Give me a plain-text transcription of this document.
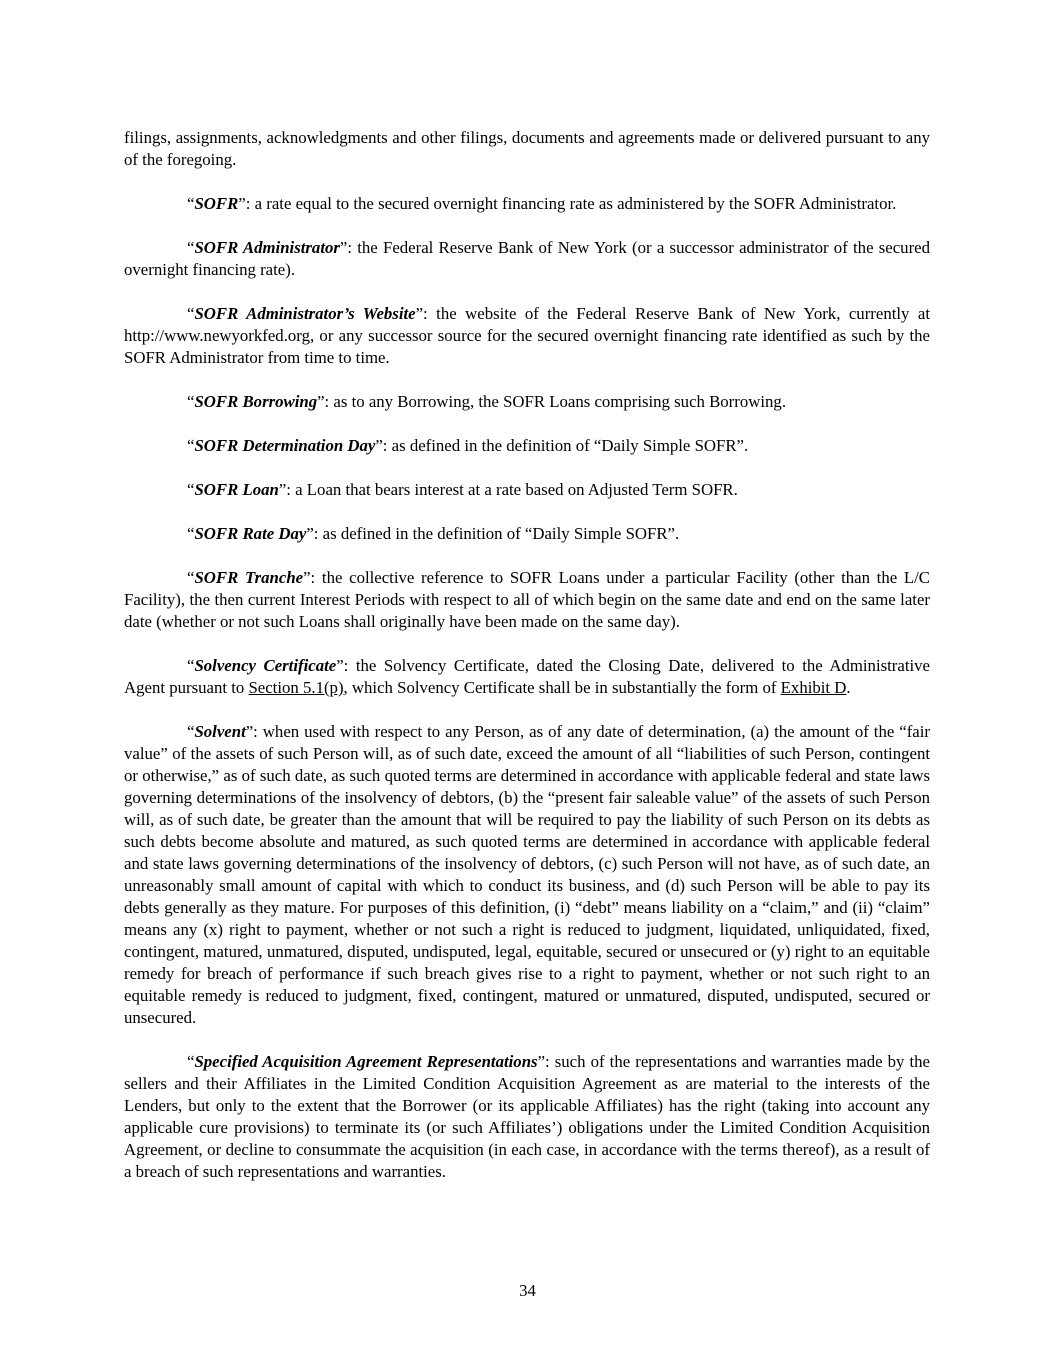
filings, assignments, acknowledgments and other filings, documents and agreements made or delivered pursuant to any of the foregoing.

“SOFR”: a rate equal to the secured overnight financing rate as administered by the SOFR Administrator.

“SOFR Administrator”: the Federal Reserve Bank of New York (or a successor administrator of the secured overnight financing rate).

“SOFR Administrator’s Website”: the website of the Federal Reserve Bank of New York, currently at http://www.newyorkfed.org, or any successor source for the secured overnight financing rate identified as such by the SOFR Administrator from time to time.

“SOFR Borrowing”: as to any Borrowing, the SOFR Loans comprising such Borrowing.

“SOFR Determination Day”: as defined in the definition of “Daily Simple SOFR”.

“SOFR Loan”: a Loan that bears interest at a rate based on Adjusted Term SOFR.

“SOFR Rate Day”: as defined in the definition of “Daily Simple SOFR”.

“SOFR Tranche”: the collective reference to SOFR Loans under a particular Facility (other than the L/C Facility), the then current Interest Periods with respect to all of which begin on the same date and end on the same later date (whether or not such Loans shall originally have been made on the same day).

“Solvency Certificate”: the Solvency Certificate, dated the Closing Date, delivered to the Administrative Agent pursuant to Section 5.1(p), which Solvency Certificate shall be in substantially the form of Exhibit D.

“Solvent”: when used with respect to any Person, as of any date of determination, (a) the amount of the “fair value” of the assets of such Person will, as of such date, exceed the amount of all “liabilities of such Person, contingent or otherwise,” as of such date, as such quoted terms are determined in accordance with applicable federal and state laws governing determinations of the insolvency of debtors, (b) the “present fair saleable value” of the assets of such Person will, as of such date, be greater than the amount that will be required to pay the liability of such Person on its debts as such debts become absolute and matured, as such quoted terms are determined in accordance with applicable federal and state laws governing determinations of the insolvency of debtors, (c) such Person will not have, as of such date, an unreasonably small amount of capital with which to conduct its business, and (d) such Person will be able to pay its debts generally as they mature. For purposes of this definition, (i) “debt” means liability on a “claim,” and (ii) “claim” means any (x) right to payment, whether or not such a right is reduced to judgment, liquidated, unliquidated, fixed, contingent, matured, unmatured, disputed, undisputed, legal, equitable, secured or unsecured or (y) right to an equitable remedy for breach of performance if such breach gives rise to a right to payment, whether or not such right to an equitable remedy is reduced to judgment, fixed, contingent, matured or unmatured, disputed, undisputed, secured or unsecured.

“Specified Acquisition Agreement Representations”: such of the representations and warranties made by the sellers and their Affiliates in the Limited Condition Acquisition Agreement as are material to the interests of the Lenders, but only to the extent that the Borrower (or its applicable Affiliates) has the right (taking into account any applicable cure provisions) to terminate its (or such Affiliates’) obligations under the Limited Condition Acquisition Agreement, or decline to consummate the acquisition (in each case, in accordance with the terms thereof), as a result of a breach of such representations and warranties.

34
